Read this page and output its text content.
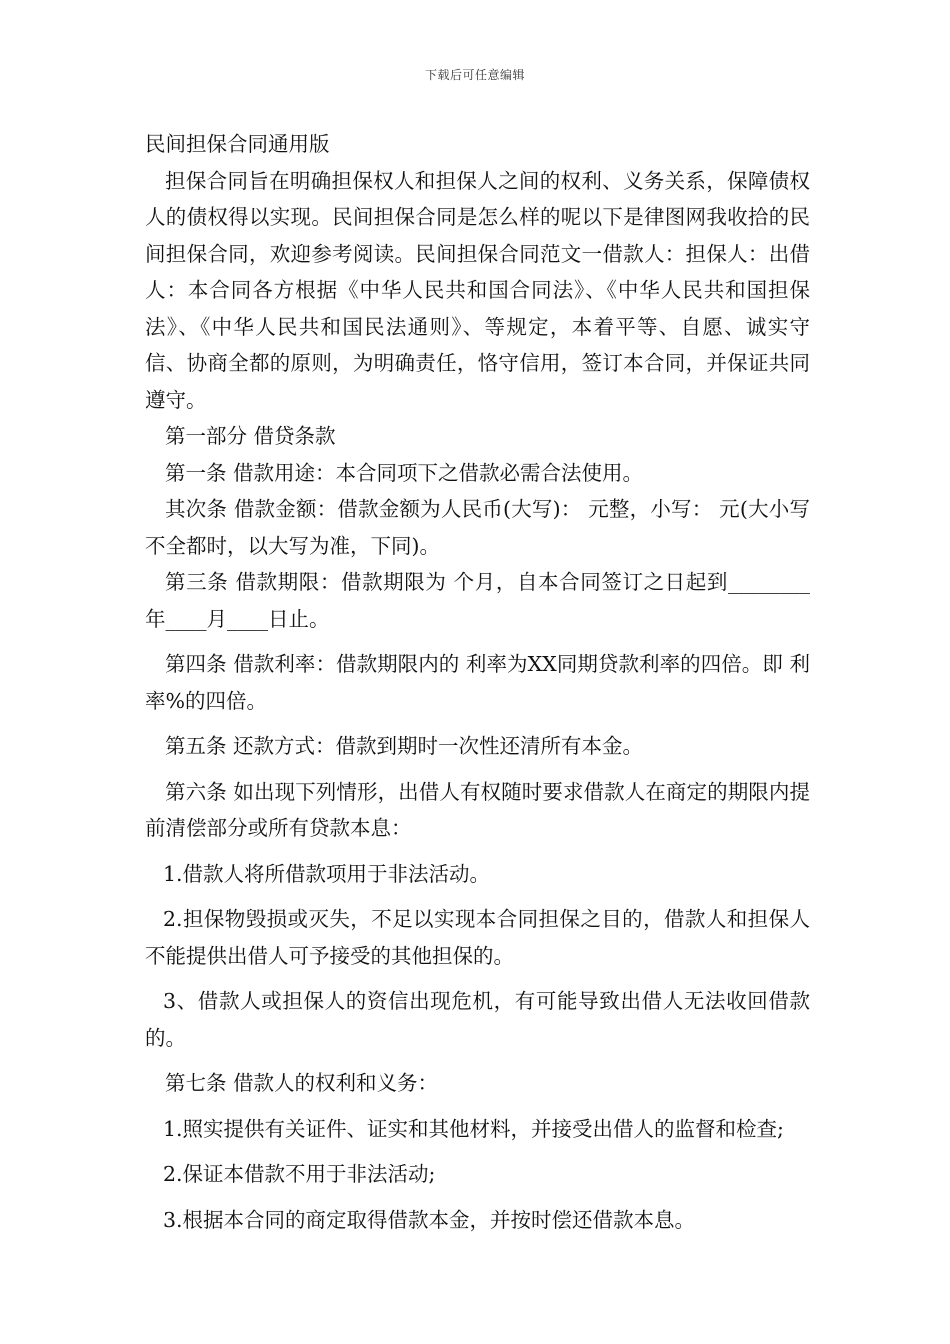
下载后可任意编辑
民间担保合同通用版

担保合同旨在明确担保权人和担保人之间的权利、义务关系，保障债权人的债权得以实现。民间担保合同是怎么样的呢以下是律图网我收拾的民间担保合同，欢迎参考阅读。民间担保合同范文一借款人：担保人：出借人：本合同各方根据《中华人民共和国合同法》、《中华人民共和国担保法》、《中华人民共和国民法通则》、等规定，本着平等、自愿、诚实守信、协商全都的原则，为明确责任，恪守信用，签订本合同，并保证共同遵守。

第一部分 借贷条款

第一条 借款用途：本合同项下之借款必需合法使用。

其次条 借款金额：借款金额为人民币(大写)： 元整，小写： 元(大小写不全都时，以大写为准，下同)。

第三条 借款期限：借款期限为 个月，自本合同签订之日起到________年____月____日止。

第四条 借款利率：借款期限内的 利率为XX同期贷款利率的四倍。即 利率%的四倍。

第五条 还款方式：借款到期时一次性还清所有本金。

第六条 如出现下列情形，出借人有权随时要求借款人在商定的期限内提前清偿部分或所有贷款本息：

1.借款人将所借款项用于非法活动。

2.担保物毁损或灭失，不足以实现本合同担保之目的，借款人和担保人不能提供出借人可予接受的其他担保的。

3、借款人或担保人的资信出现危机，有可能导致出借人无法收回借款的。

第七条 借款人的权利和义务：

1.照实提供有关证件、证实和其他材料，并接受出借人的监督和检查;

2.保证本借款不用于非法活动;

3.根据本合同的商定取得借款本金，并按时偿还借款本息。
